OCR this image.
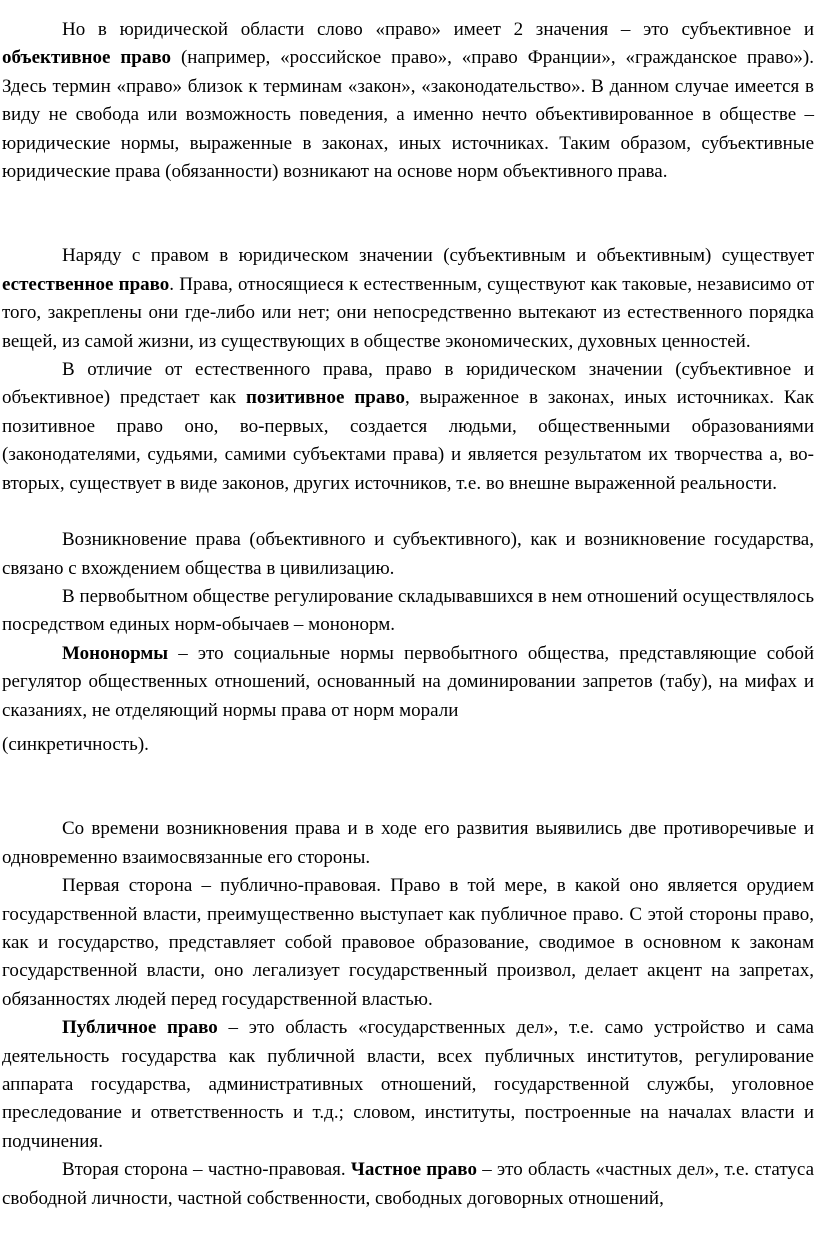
Но в юридической области слово «право» имеет 2 значения – это субъективное и объективное право (например, «российское право», «право Франции», «гражданское право»). Здесь термин «право» близок к терминам «закон», «законодательство». В данном случае имеется в виду не свобода или возможность поведения, а именно нечто объективированное в обществе – юридические нормы, выраженные в законах, иных источниках. Таким образом, субъективные юридические права (обязанности) возникают на основе норм объективного права.

Наряду с правом в юридическом значении (субъективным и объективным) существует естественное право. Права, относящиеся к естественным, существуют как таковые, независимо от того, закреплены они где-либо или нет; они непосредственно вытекают из естественного порядка вещей, из самой жизни, из существующих в обществе экономических, духовных ценностей.

В отличие от естественного права, право в юридическом значении (субъективное и объективное) предстает как позитивное право, выраженное в законах, иных источниках. Как позитивное право оно, во-первых, создается людьми, общественными образованиями (законодателями, судьями, самими субъектами права) и является результатом их творчества а, во-вторых, существует в виде законов, других источников, т.е. во внешне выраженной реальности.

Возникновение права (объективного и субъективного), как и возникновение государства, связано с вхождением общества в цивилизацию.

В первобытном обществе регулирование складывавшихся в нем отношений осуществлялось посредством единых норм-обычаев – мононорм.

Мононормы – это социальные нормы первобытного общества, представляющие собой регулятор общественных отношений, основанный на доминировании запретов (табу), на мифах и сказаниях, не отделяющий нормы права от норм морали

(синкретичность).

Со времени возникновения права и в ходе его развития выявились две противоречивые и одновременно взаимосвязанные его стороны.

Первая сторона – публично-правовая. Право в той мере, в какой оно является орудием государственной власти, преимущественно выступает как публичное право. С этой стороны право, как и государство, представляет собой правовое образование, сводимое в основном к законам государственной власти, оно легализует государственный произвол, делает акцент на запретах, обязанностях людей перед государственной властью.

Публичное право – это область «государственных дел», т.е. само устройство и сама деятельность государства как публичной власти, всех публичных институтов, регулирование аппарата государства, административных отношений, государственной службы, уголовное преследование и ответственность и т.д.; словом, институты, построенные на началах власти и подчинения.

Вторая сторона – частно-правовая. Частное право – это область «частных дел», т.е. статуса свободной личности, частной собственности, свободных договорных отношений,
